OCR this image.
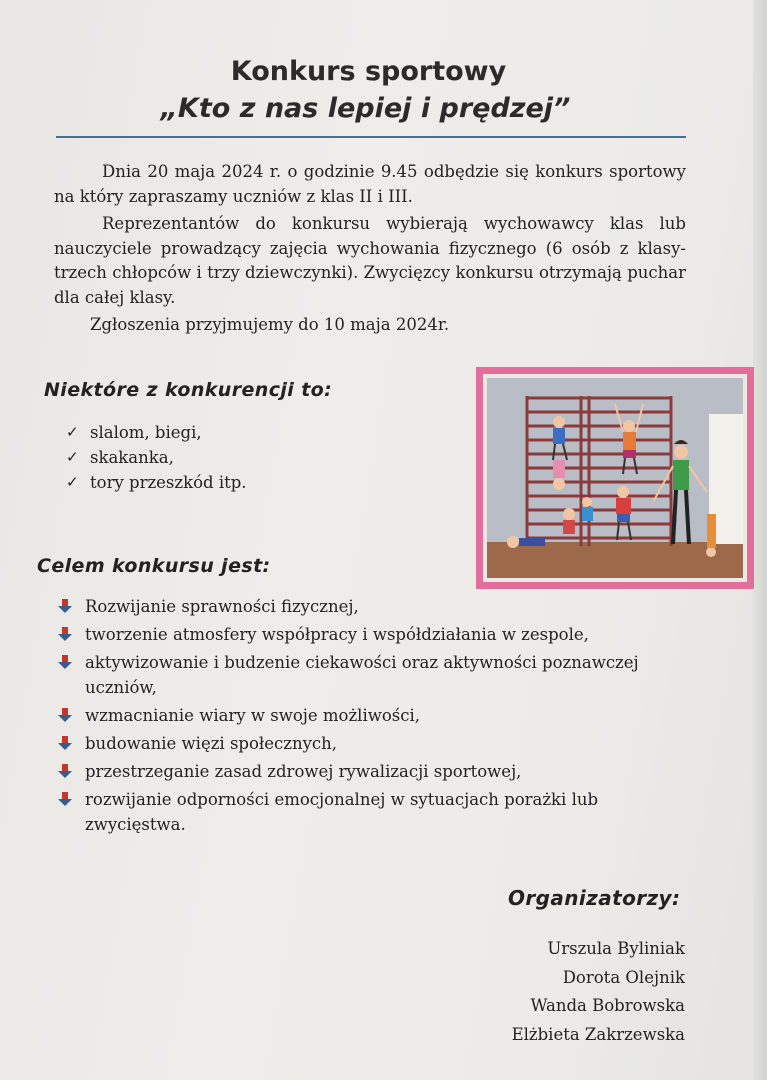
Konkurs sportowy
„Kto z nas lepiej i prędzej”

Dnia 20 maja 2024 r. o godzinie 9.45 odbędzie się konkurs sportowy na który zapraszamy uczniów z klas II i III.

Reprezentantów do konkursu wybierają wychowawcy klas lub nauczyciele prowadzący zajęcia wychowania fizycznego (6 osób z klasy- trzech chłopców i trzy dziewczynki). Zwycięzcy konkursu otrzymają puchar dla całej klasy.

Zgłoszenia przyjmujemy do 10 maja 2024r.

Niektóre z konkurencji to:
✓ slalom, biegi,
✓ skakanka,
✓ tory przeszkód itp.
Celem konkursu jest:
Rozwijanie sprawności fizycznej,
tworzenie atmosfery współpracy i współdziałania w zespole,
aktywizowanie i budzenie ciekawości oraz aktywności poznawczej uczniów,
wzmacnianie wiary w swoje możliwości,
budowanie więzi społecznych,
przestrzeganie zasad zdrowej rywalizacji sportowej,
rozwijanie odporności emocjonalnej w sytuacjach porażki lub zwycięstwa.
Organizatorzy:
Urszula Byliniak
Dorota Olejnik
Wanda Bobrowska
Elżbieta Zakrzewska
